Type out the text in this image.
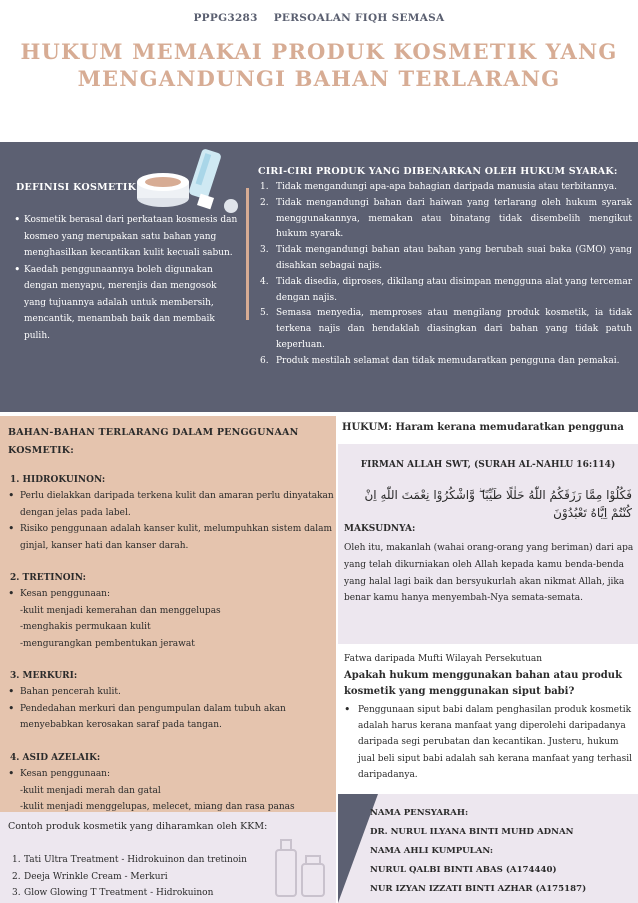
PPPG3283 PERSOALAN FIQH SEMASA
HUKUM MEMAKAI PRODUK KOSMETIK YANG MENGANDUNGI BAHAN TERLARANG
DEFINISI KOSMETIK
• Kosmetik berasal dari perkataan kosmesis dan kosmeo yang merupakan satu bahan yang menghasilkan kecantikan kulit kecuali sabun.
• Kaedah penggunaannya boleh digunakan dengan menyapu, merenjis dan mengosok yang tujuannya adalah untuk membersih, mencantik, menambah baik dan membaik pulih.
CIRI-CIRI PRODUK YANG DIBENARKAN OLEH HUKUM SYARAK:
1. Tidak mengandungi apa-apa bahagian daripada manusia atau terbitannya.
2. Tidak mengandungi bahan dari haiwan yang terlarang oleh hukum syarak menggunakannya, memakan atau binatang tidak disembelih mengikut hukum syarak.
3. Tidak mengandungi bahan atau bahan yang berubah suai baka (GMO) yang disahkan sebagai najis.
4. Tidak disedia, diproses, dikilang atau disimpan mengguna alat yang tercemar dengan najis.
5. Semasa menyedia, memproses atau mengilang produk kosmetik, ia tidak terkena najis dan hendaklah diasingkan dari bahan yang tidak patuh keperluan.
6. Produk mestilah selamat dan tidak memudaratkan pengguna dan pemakai.
BAHAN-BAHAN TERLARANG DALAM PENGGUNAAN KOSMETIK:
1. HIDROKUINON:
• Perlu dielakkan daripada terkena kulit dan amaran perlu dinyatakan dengan jelas pada label.
• Risiko penggunaan adalah kanser kulit, melumpuhkan sistem dalam ginjal, kanser hati dan kanser darah.
2. TRETINOIN:
• Kesan penggunaan:
-kulit menjadi kemerahan dan menggelupas
-menghakis permukaan kulit
-mengurangkan pembentukan jerawat
3. MERKURI:
• Bahan pencerah kulit.
• Pendedahan merkuri dan pengumpulan dalam tubuh akan menyebabkan kerosakan saraf pada tangan.
4. ASID AZELAIK:
• Kesan penggunaan:
-kulit menjadi merah dan gatal
-kulit menjadi menggelupas, melecet, miang dan rasa panas
Contoh produk kosmetik yang diharamkan oleh KKM:
1. Tati Ultra Treatment - Hidrokuinon dan tretinoin
2. Deeja Wrinkle Cream - Merkuri
3. Glow Glowing T Treatment - Hidrokuinon
HUKUM: Haram kerana memudaratkan pengguna
FIRMAN ALLAH SWT, (SURAH AL-NAHLU 16:114)
فَكُلُوْا مِمَّا رَزَقَكُمُ اللّٰهُ حَلٰلًا طَيِّبًا ۖ وَّاشْكُرُوْا نِعْمَتَ اللّٰهِ اِنْ كُنْتُمْ اِيَّاهُ تَعْبُدُوْنَ
MAKSUDNYA:
Oleh itu, makanlah (wahai orang-orang yang beriman) dari apa yang telah dikurniakan oleh Allah kepada kamu benda-benda yang halal lagi baik dan bersyukurlah akan nikmat Allah, jika benar kamu hanya menyembah-Nya semata-semata.
Fatwa daripada Mufti Wilayah Persekutuan
Apakah hukum menggunakan bahan atau produk kosmetik yang menggunakan siput babi?
• Penggunaan siput babi dalam penghasilan produk kosmetik adalah harus kerana manfaat yang diperolehi daripadanya daripada segi perubatan dan kecantikan. Justeru, hukum jual beli siput babi adalah sah kerana manfaat yang terhasil daripadanya.
NAMA PENSYARAH:
DR. NURUL ILYANA BINTI MUHD ADNAN
NAMA AHLI KUMPULAN:
NURUL QALBI BINTI ABAS (A174440)
NUR IZYAN IZZATI BINTI AZHAR (A175187)
